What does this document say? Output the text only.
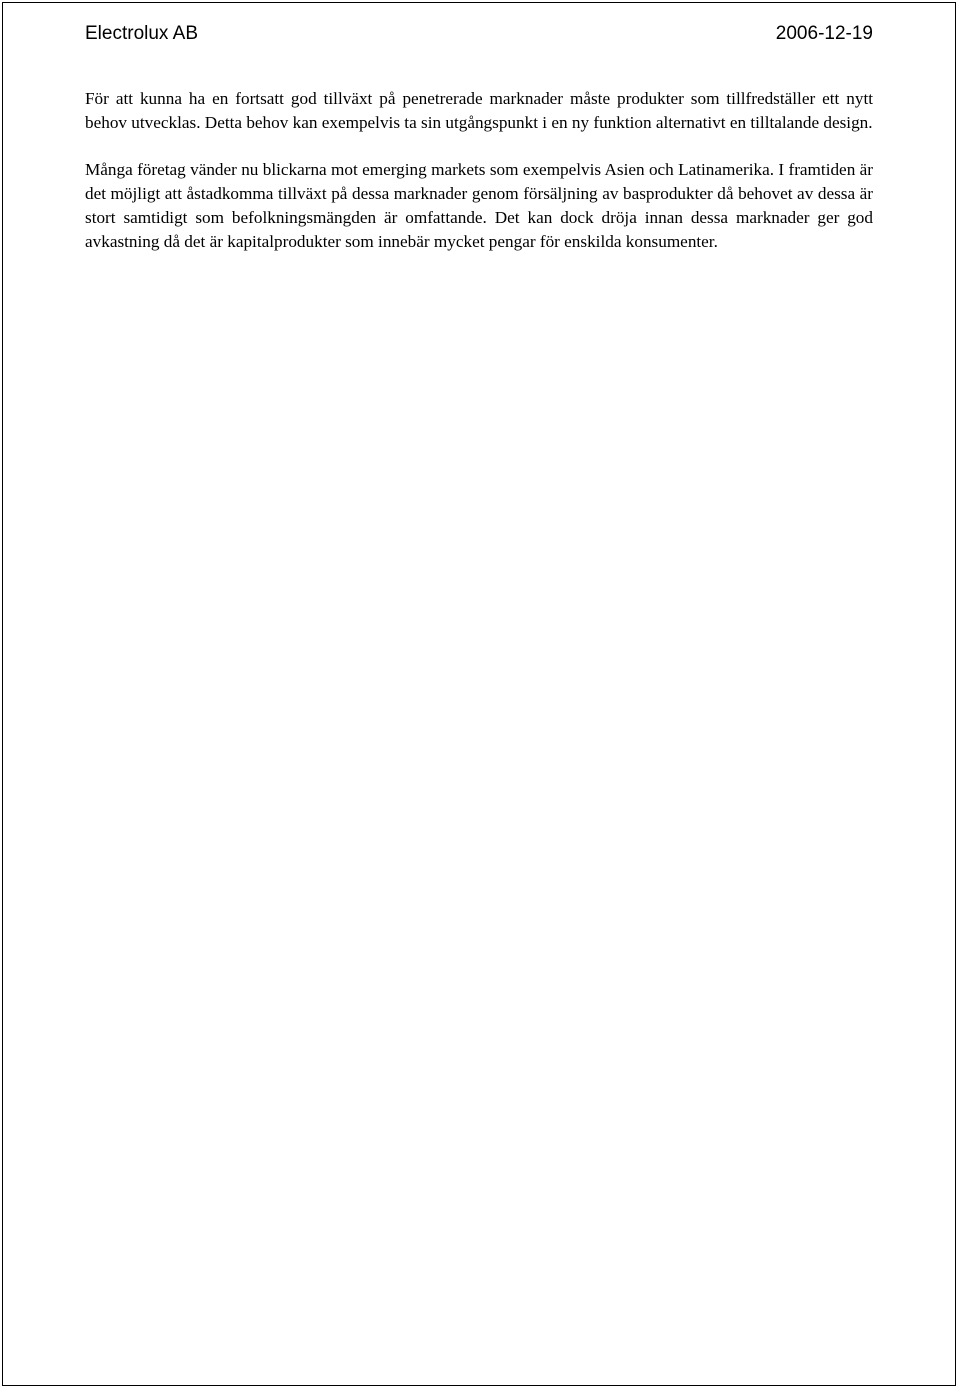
Electrolux AB	2006-12-19

För att kunna ha en fortsatt god tillväxt på penetrerade marknader måste produkter som tillfredställer ett nytt behov utvecklas. Detta behov kan exempelvis ta sin utgångspunkt i en ny funktion alternativt en tilltalande design.

Många företag vänder nu blickarna mot emerging markets som exempelvis Asien och Latinamerika. I framtiden är det möjligt att åstadkomma tillväxt på dessa marknader genom försäljning av basprodukter då behovet av dessa är stort samtidigt som befolkningsmängden är omfattande. Det kan dock dröja innan dessa marknader ger god avkastning då det är kapitalprodukter som innebär mycket pengar för enskilda konsumenter.
